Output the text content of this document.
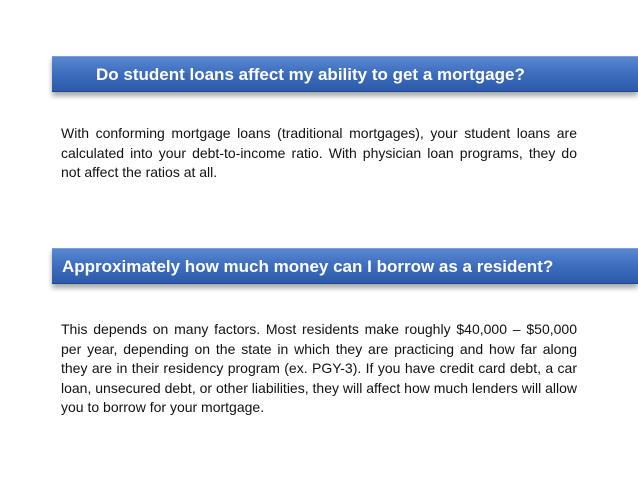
Do student loans affect my ability to get a mortgage?

With conforming mortgage loans (traditional mortgages), your student loans are calculated into your debt-to-income ratio. With physician loan programs, they do not affect the ratios at all.

Approximately how much money can I borrow as a resident?

This depends on many factors. Most residents make roughly $40,000 – $50,000 per year, depending on the state in which they are practicing and how far along they are in their residency program (ex. PGY-3). If you have credit card debt, a car loan, unsecured debt, or other liabilities, they will affect how much lenders will allow you to borrow for your mortgage.
